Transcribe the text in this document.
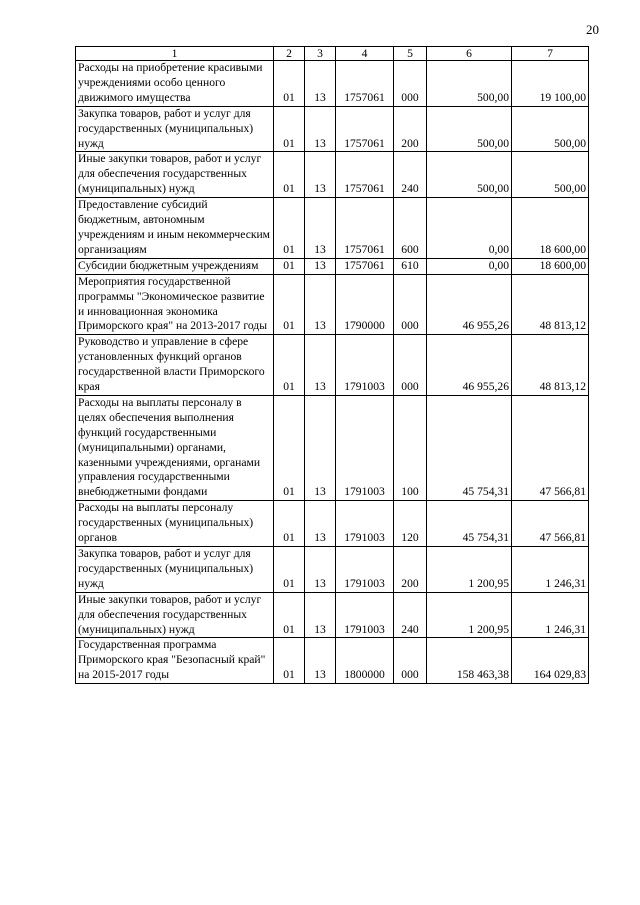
20
1	2	3	4	5	6	7
Расходы на приобретение красивыми учреждениями особо ценного движимого имущества	01	13	1757061	000	500,00	19 100,00
Закупка товаров, работ и услуг для государственных (муниципальных) нужд	01	13	1757061	200	500,00	500,00
Иные закупки товаров, работ и услуг для обеспечения государственных (муниципальных) нужд	01	13	1757061	240	500,00	500,00
Предоставление субсидий бюджетным, автономным учреждениям и иным некоммерческим организациям	01	13	1757061	600	0,00	18 600,00
Субсидии бюджетным учреждениям	01	13	1757061	610	0,00	18 600,00
Мероприятия государственной программы "Экономическое развитие и инновационная экономика Приморского края" на 2013-2017 годы	01	13	1790000	000	46 955,26	48 813,12
Руководство и управление в сфере установленных функций органов государственной власти Приморского края	01	13	1791003	000	46 955,26	48 813,12
Расходы на выплаты персоналу в целях обеспечения выполнения функций государственными (муниципальными) органами, казенными учреждениями, органами управления государственными внебюджетными фондами	01	13	1791003	100	45 754,31	47 566,81
Расходы на выплаты персоналу государственных (муниципальных) органов	01	13	1791003	120	45 754,31	47 566,81
Закупка товаров, работ и услуг для государственных (муниципальных) нужд	01	13	1791003	200	1 200,95	1 246,31
Иные закупки товаров, работ и услуг для обеспечения государственных (муниципальных) нужд	01	13	1791003	240	1 200,95	1 246,31
Государственная программа Приморского края "Безопасный край" на 2015-2017 годы	01	13	1800000	000	158 463,38	164 029,83
